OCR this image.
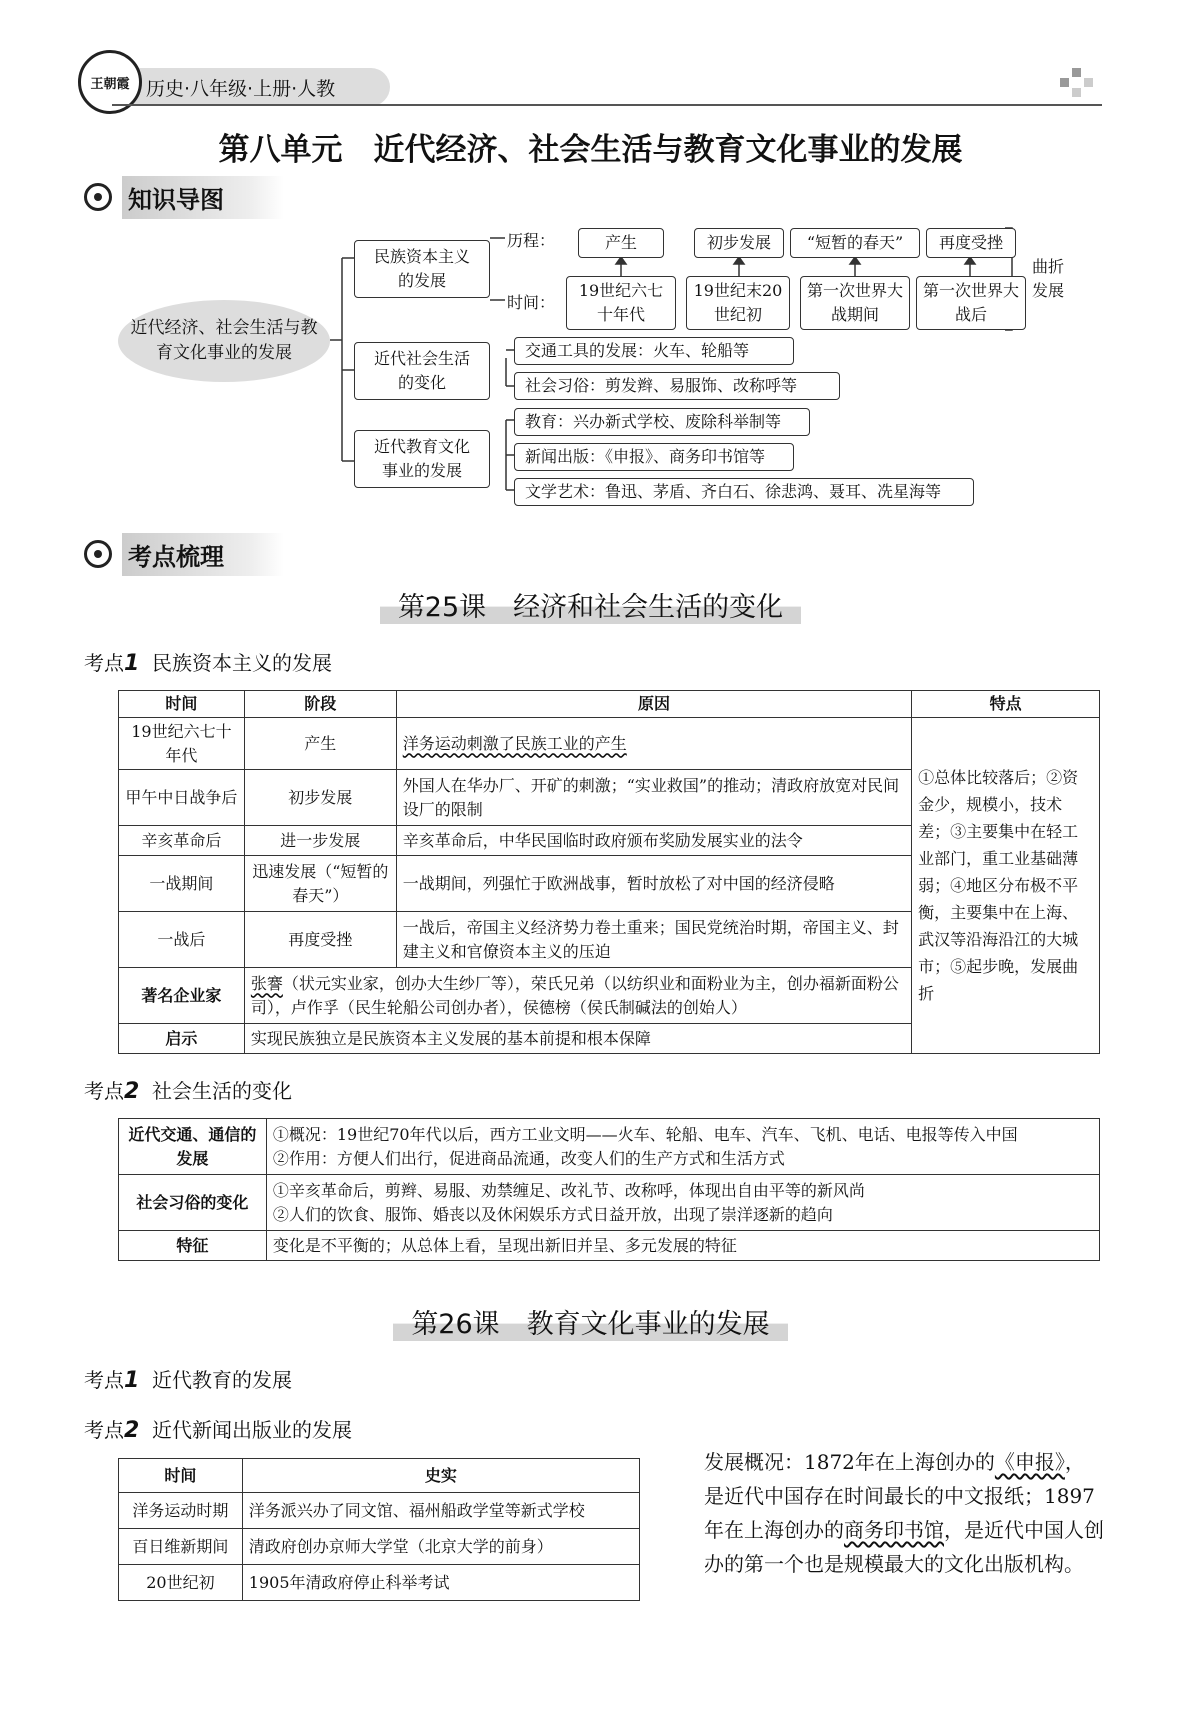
历史·八年级·上册·人教
王朝霞
第八单元　近代经济、社会生活与教育文化事业的发展
知识导图
近代经济、社会生活与教育文化事业的发展
民族资本主义的发展
近代社会生活的变化
近代教育文化事业的发展
历程：
时间：
产生	初步发展	“短暂的春天”	再度受挫
19世纪六七十年代
19世纪末20世纪初
第一次世界大战期间
第一次世界大战后
曲折发展
交通工具的发展：火车、轮船等
社会习俗：剪发辫、易服饰、改称呼等
教育：兴办新式学校、废除科举制等
新闻出版：《申报》、商务印书馆等
文学艺术：鲁迅、茅盾、齐白石、徐悲鸿、聂耳、冼星海等
考点梳理
第25课　经济和社会生活的变化
考点1 民族资本主义的发展
时间	阶段	原因	特点
19世纪六七十年代	产生	洋务运动刺激了民族工业的产生	①总体比较落后；②资金少，规模小，技术差；③主要集中在轻工业部门，重工业基础薄弱；④地区分布极不平衡，主要集中在上海、武汉等沿海沿江的大城市；⑤起步晚，发展曲折
甲午中日战争后	初步发展	外国人在华办厂、开矿的刺激；“实业救国”的推动；清政府放宽对民间设厂的限制	
辛亥革命后	进一步发展	辛亥革命后，中华民国临时政府颁布奖励发展实业的法令	
一战期间	迅速发展（“短暂的春天”）	一战期间，列强忙于欧洲战事，暂时放松了对中国的经济侵略	
一战后	再度受挫	一战后，帝国主义经济势力卷土重来；国民党统治时期，帝国主义、封建主义和官僚资本主义的压迫	
著名企业家	张謇（状元实业家，创办大生纱厂等），荣氏兄弟（以纺织业和面粉业为主，创办福新面粉公司），卢作孚（民生轮船公司创办者），侯德榜（侯氏制碱法的创始人）		
启示	实现民族独立是民族资本主义发展的基本前提和根本保障		
考点2 社会生活的变化
近代交通、通信的发展	①概况：19世纪70年代以后，西方工业文明——火车、轮船、电车、汽车、飞机、电话、电报等传入中国
②作用：方便人们出行，促进商品流通，改变人们的生产方式和生活方式

社会习俗的变化	①辛亥革命后，剪辫、易服、劝禁缠足、改礼节、改称呼，体现出自由平等的新风尚
②人们的饮食、服饰、婚丧以及休闲娱乐方式日益开放，出现了崇洋逐新的趋向

特征	变化是不平衡的；从总体上看，呈现出新旧并呈、多元发展的特征
第26课　教育文化事业的发展
考点1 近代教育的发展
考点2 近代新闻出版业的发展
时间	史实
洋务运动时期	洋务派兴办了同文馆、福州船政学堂等新式学校
百日维新期间	清政府创办京师大学堂（北京大学的前身）
20世纪初	1905年清政府停止科举考试
发展概况：1872年在上海创办的《申报》，是近代中国存在时间最长的中文报纸；1897年在上海创办的商务印书馆，是近代中国人创办的第一个也是规模最大的文化出版机构。
